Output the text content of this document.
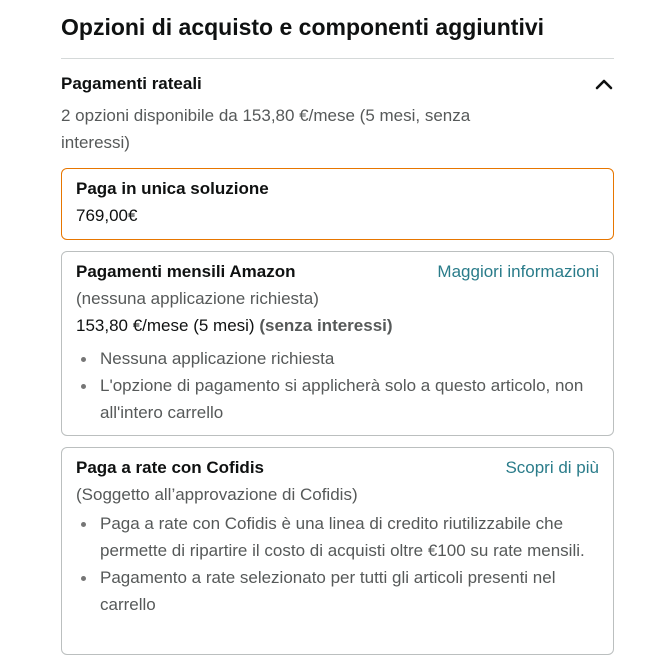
Opzioni di acquisto e componenti aggiuntivi
Pagamenti rateali
2 opzioni disponibile da 153,80 €/mese (5 mesi, senza interessi)
Paga in unica soluzione
769,00€
Pagamenti mensili Amazon	Maggiori informazioni
(nessuna applicazione richiesta)
153,80 €/mese (5 mesi) (senza interessi)
Nessuna applicazione richiesta
L'opzione di pagamento si applicherà solo a questo articolo, non all'intero carrello
Paga a rate con Cofidis	Scopri di più
(Soggetto all’approvazione di Cofidis)
Paga a rate con Cofidis è una linea di credito riutilizzabile che permette di ripartire il costo di acquisti oltre €100 su rate mensili.
Pagamento a rate selezionato per tutti gli articoli presenti nel carrello
